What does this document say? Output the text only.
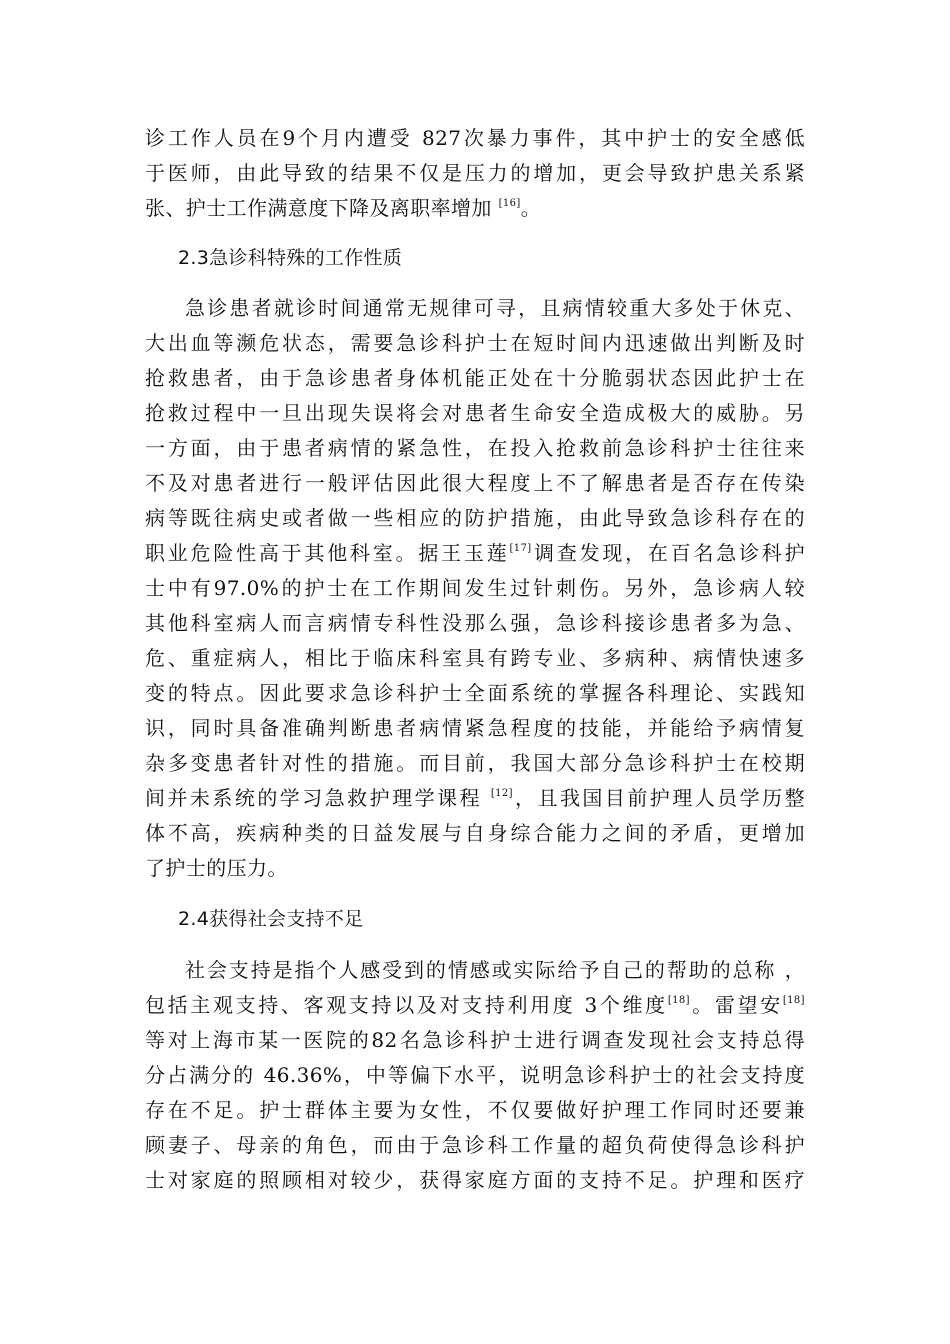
诊工作人员在9个月内遭受 827次暴力事件，其中护士的安全感低
于医师，由此导致的结果不仅是压力的增加，更会导致护患关系紧
张、护士工作满意度下降及离职率增加 [16]。
2.3急诊科特殊的工作性质
急诊患者就诊时间通常无规律可寻，且病情较重大多处于休克、
大出血等濒危状态，需要急诊科护士在短时间内迅速做出判断及时
抢救患者，由于急诊患者身体机能正处在十分脆弱状态因此护士在
抢救过程中一旦出现失误将会对患者生命安全造成极大的威胁。另
一方面，由于患者病情的紧急性，在投入抢救前急诊科护士往往来
不及对患者进行一般评估因此很大程度上不了解患者是否存在传染
病等既往病史或者做一些相应的防护措施，由此导致急诊科存在的
职业危险性高于其他科室。据王玉莲[17]调查发现，在百名急诊科护
士中有97.0%的护士在工作期间发生过针刺伤。另外，急诊病人较
其他科室病人而言病情专科性没那么强，急诊科接诊患者多为急、
危、重症病人，相比于临床科室具有跨专业、多病种、病情快速多
变的特点。因此要求急诊科护士全面系统的掌握各科理论、实践知
识，同时具备准确判断患者病情紧急程度的技能，并能给予病情复
杂多变患者针对性的措施。而目前，我国大部分急诊科护士在校期
间并未系统的学习急救护理学课程 [12]，且我国目前护理人员学历整
体不高，疾病种类的日益发展与自身综合能力之间的矛盾，更增加
了护士的压力。
2.4获得社会支持不足
社会支持是指个人感受到的情感或实际给予自己的帮助的总称 ，
包括主观支持、客观支持以及对支持利用度 3个维度[18]。雷望安[18]
等对上海市某一医院的82名急诊科护士进行调查发现社会支持总得
分占满分的 46.36%，中等偏下水平，说明急诊科护士的社会支持度
存在不足。护士群体主要为女性，不仅要做好护理工作同时还要兼
顾妻子、母亲的角色，而由于急诊科工作量的超负荷使得急诊科护
士对家庭的照顾相对较少，获得家庭方面的支持不足。护理和医疗
